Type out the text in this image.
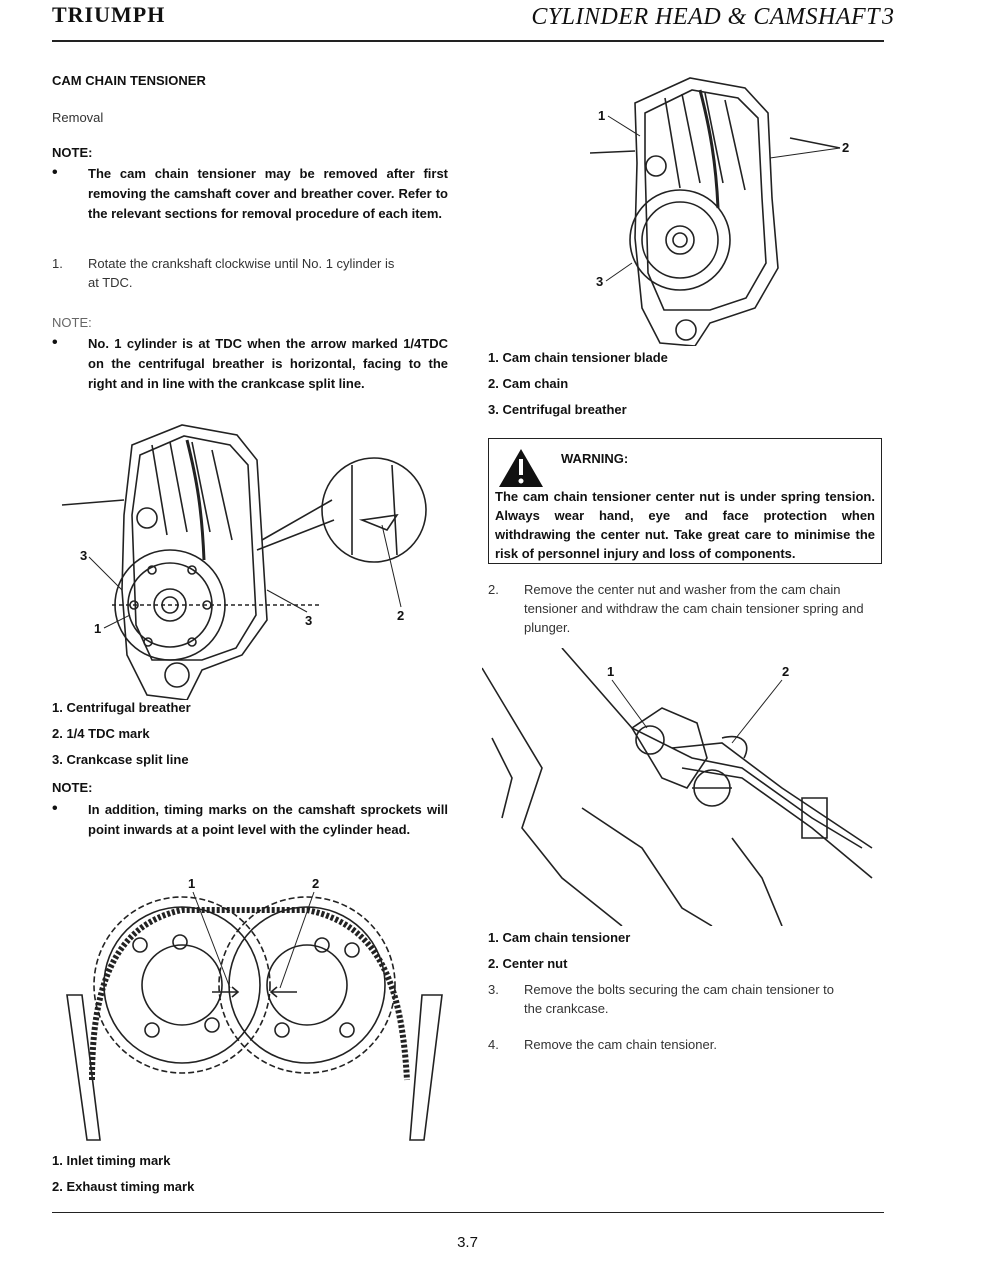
TRIUMPH	CYLINDER HEAD & CAMSHAFT 3
CAM CHAIN TENSIONER
Removal
NOTE:
• The cam chain tensioner may be removed after first removing the camshaft cover and breather cover. Refer to the relevant sections for removal procedure of each item.
1. Rotate the crankshaft clockwise until No. 1 cylinder is at TDC.
NOTE:
• No. 1 cylinder is at TDC when the arrow marked 1/4TDC on the centrifugal breather is horizontal, facing to the right and in line with the crankcase split line.
3
1
3	2
1. Centrifugal breather
2. 1/4 TDC mark
3. Crankcase split line
NOTE:
• In addition, timing marks on the camshaft sprockets will point inwards at a point level with the cylinder head.
1	2
1. Inlet timing mark
2. Exhaust timing mark
1
2
3
1. Cam chain tensioner blade
2. Cam chain
3. Centrifugal breather
WARNING:
The cam chain tensioner center nut is under spring tension. Always wear hand, eye and face protection when withdrawing the center nut. Take great care to minimise the risk of personnel injury and loss of components.
2. Remove the center nut and washer from the cam chain tensioner and withdraw the cam chain tensioner spring and plunger.
1	2
1. Cam chain tensioner
2. Center nut
3. Remove the bolts securing the cam chain tensioner to the crankcase.
4. Remove the cam chain tensioner.
3.7
